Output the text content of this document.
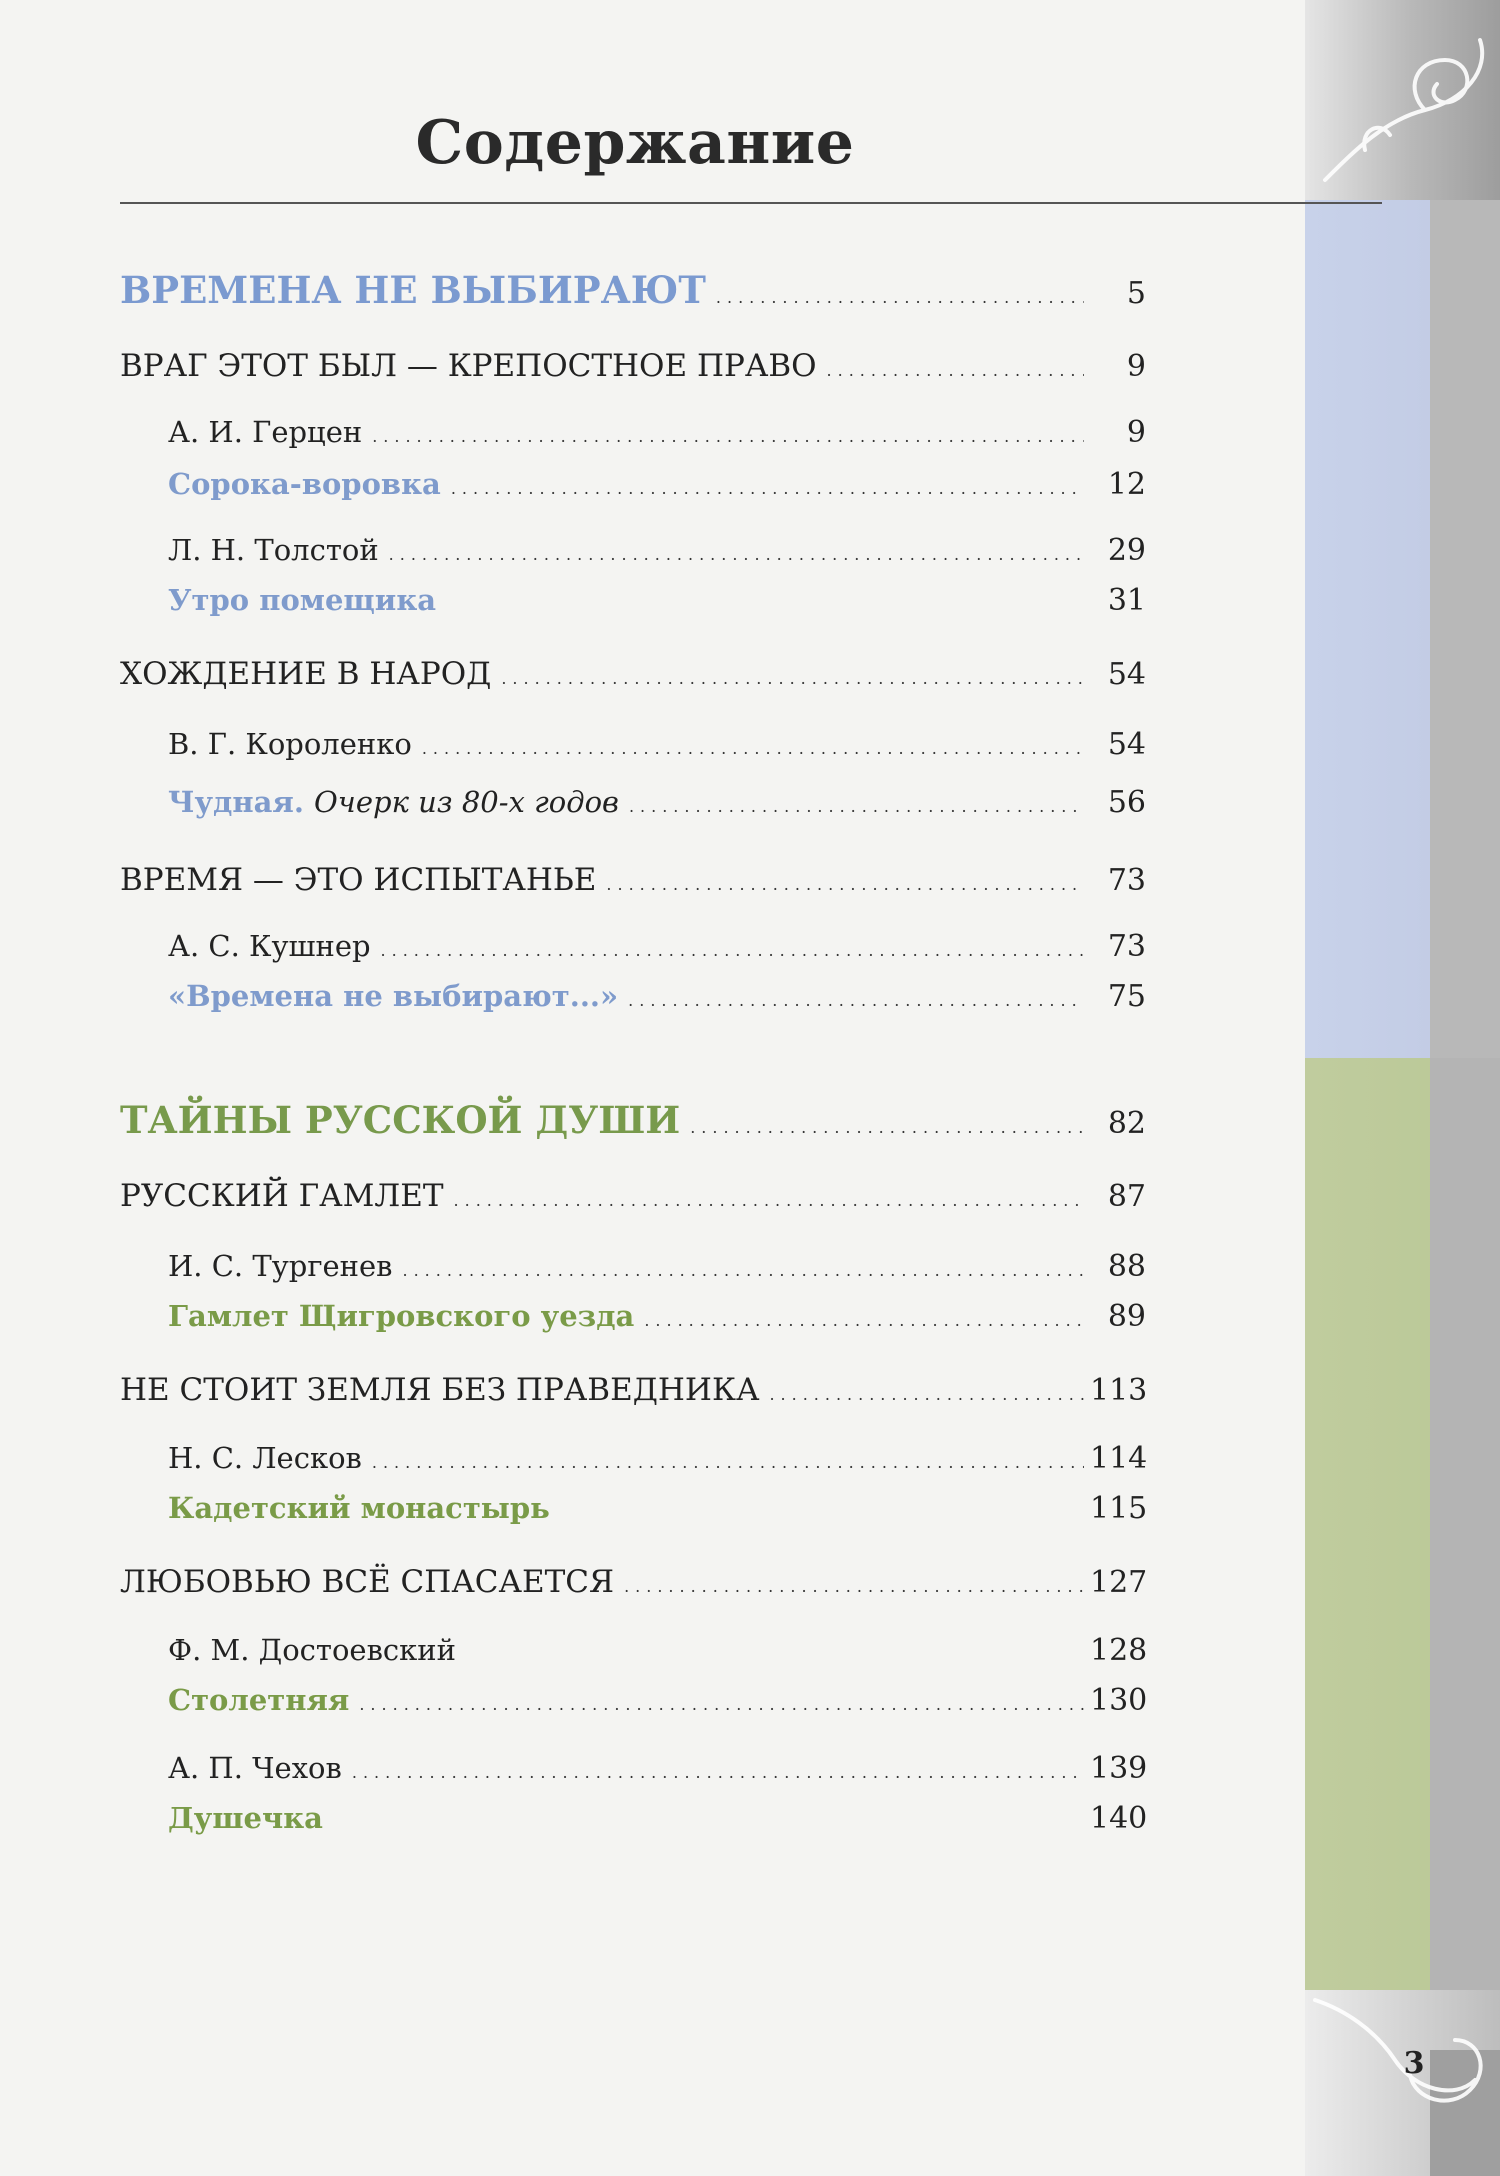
3
Содержание
ВРЕМЕНА НЕ ВЫБИРАЮТ .....	5
ВРАГ ЭТОТ БЫЛ — КРЕПОСТНОЕ ПРАВО .....	9
А. И. Герцен .....	9
Сорока-воровка .....	12
Л. Н. Толстой .....	29
Утро помещика	31
ХОЖДЕНИЕ В НАРОД .....	54
В. Г. Короленко .....	54
Чудная. Очерк из 80-х годов .....	56
ВРЕМЯ — ЭТО ИСПЫТАНЬЕ .....	73
А. С. Кушнер .....	73
«Времена не выбирают...» .....	75
ТАЙНЫ РУССКОЙ ДУШИ .....	82
РУССКИЙ ГАМЛЕТ .....	87
И. С. Тургенев .....	88
Гамлет Щигровского уезда .....	89
НЕ СТОИТ ЗЕМЛЯ БЕЗ ПРАВЕДНИКА .....	113
Н. С. Лесков .....	114
Кадетский монастырь	115
ЛЮБОВЬЮ ВСЁ СПАСАЕТСЯ .....	127
Ф. М. Достоевский	128
Столетняя .....	130
А. П. Чехов .....	139
Душечка	140
